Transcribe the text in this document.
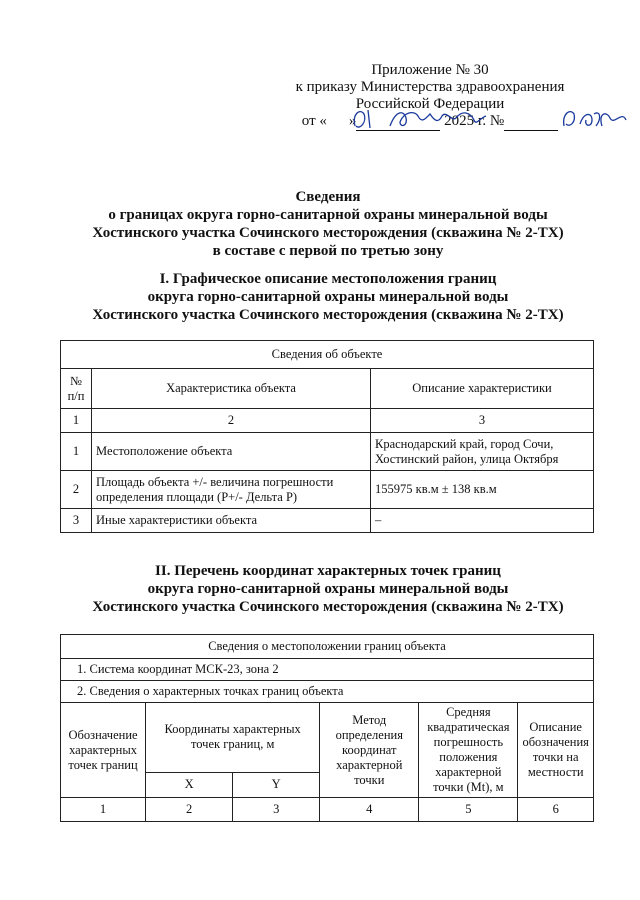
Приложение № 30
к приказу Министерства здравоохранения
Российской Федерации
от « »	2025 г. №
Сведения
о границах округа горно-санитарной охраны минеральной воды
Хостинского участка Сочинского месторождения (скважина № 2-ТХ)
в составе с первой по третью зону
I. Графическое описание местоположения границ
округа горно-санитарной охраны минеральной воды
Хостинского участка Сочинского месторождения (скважина № 2-ТХ)
Сведения об объекте		
№ п/п	Характеристика объекта	Описание характеристики
1	2	3
1	Местоположение объекта	Краснодарский край, город Сочи, Хостинский район, улица Октября
2	Площадь объекта +/- величина погрешности определения площади (Р+/- Дельта Р)	155975 кв.м ± 138 кв.м
3	Иные характеристики объекта	–
II. Перечень координат характерных точек границ
округа горно-санитарной охраны минеральной воды
Хостинского участка Сочинского месторождения (скважина № 2-ТХ)
Сведения о местоположении границ объекта					
1. Система координат МСК-23, зона 2					
2. Сведения о характерных точках границ объекта					
Обозначение характерных точек границ	Координаты характерных точек границ, м		Метод определения координат характерной точки	Средняя квадратическая погрешность положения характерной точки (Mt), м	Описание обозначения точки на местности
	X	Y			
1	2	3	4	5	6
